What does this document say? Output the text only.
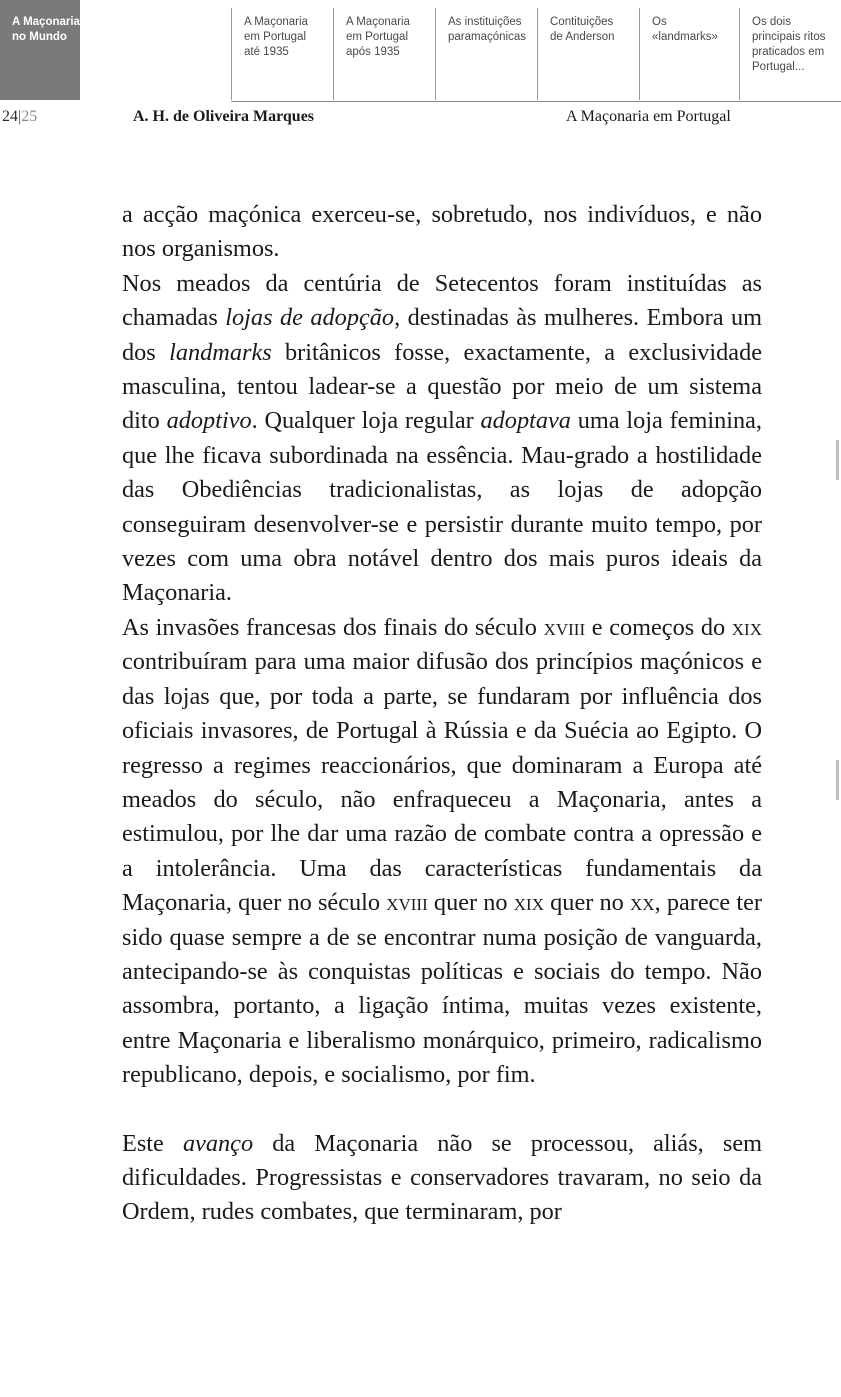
A Maçonaria
no Mundo
A Maçonaria
em Portugal
até 1935
A Maçonaria
em Portugal
após 1935
As instituições
paramaçónicas
Contituições
de Anderson
Os
«landmarks»
Os dois
principais ritos
praticados em
Portugal...
24|25	A. H. de Oliveira Marques	A Maçonaria em Portugal

a acção maçónica exerceu-se, sobretudo, nos indivíduos, e não nos organismos.

Nos meados da centúria de Setecentos foram instituídas as chamadas lojas de adopção, destinadas às mulheres. Embora um dos landmarks britânicos fosse, exactamente, a exclusividade masculina, tentou ladear-se a questão por meio de um sistema dito adoptivo. Qualquer loja regular adoptava uma loja feminina, que lhe ficava subordinada na essência. Mau-grado a hostilidade das Obediências tradicionalistas, as lojas de adopção conseguiram desenvolver-se e persistir durante muito tempo, por vezes com uma obra notável dentro dos mais puros ideais da Maçonaria.

As invasões francesas dos finais do século xviii e começos do xix contribuíram para uma maior difusão dos princípios maçónicos e das lojas que, por toda a parte, se fundaram por influência dos oficiais invasores, de Portugal à Rússia e da Suécia ao Egipto. O regresso a regimes reaccionários, que dominaram a Europa até meados do século, não enfraqueceu a Maçonaria, antes a estimulou, por lhe dar uma razão de combate contra a opressão e a intolerância. Uma das características fundamentais da Maçonaria, quer no século xviii quer no xix quer no xx, parece ter sido quase sempre a de se encontrar numa posição de vanguarda, antecipando-se às conquistas políticas e sociais do tempo. Não assombra, portanto, a ligação íntima, muitas vezes existente, entre Maçonaria e liberalismo monárquico, primeiro, radicalismo republicano, depois, e socialismo, por fim.

Este avanço da Maçonaria não se processou, aliás, sem dificuldades. Progressistas e conservadores travaram, no seio da Ordem, rudes combates, que terminaram, por
